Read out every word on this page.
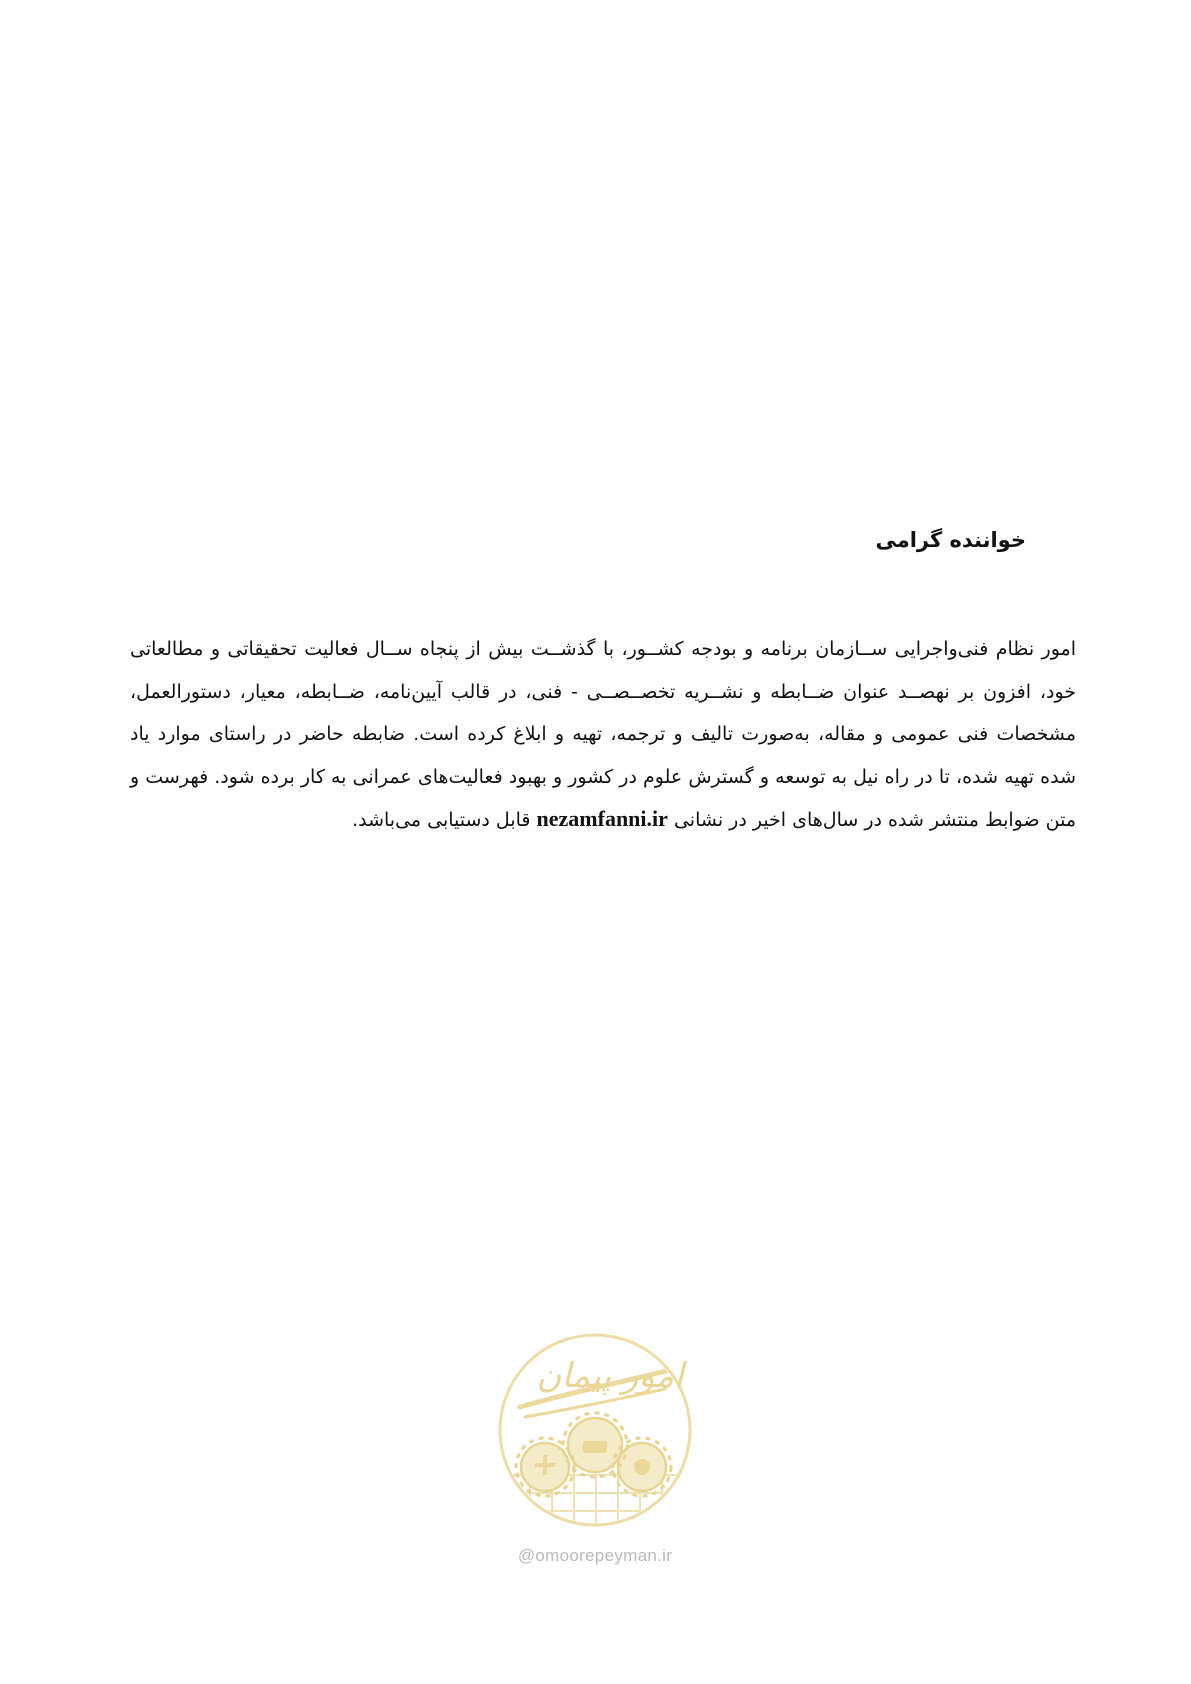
خواننده گرامی

امور نظام فنی‌واجرایی ســازمان برنامه و بودجه کشــور، با گذشــت بیش از پنجاه ســال فعالیت تحقیقاتی و مطالعاتی خود، افزون بر نهصــد عنوان ضــابطه و نشــریه تخصــصــی - فنی، در قالب آیین‌نامه، ضــابطه، معیار، دستورالعمل، مشخصات فنی عمومی و مقاله، به‌صورت تالیف و ترجمه، تهیه و ابلاغ کرده است. ضابطه حاضر در راستای موارد یاد شده تهیه شده، تا در راه نیل به توسعه و گسترش علوم در کشور و بهبود فعالیت‌های عمرانی به کار برده شود. فهرست و متن ضوابط منتشر شده در سال‌های اخیر در نشانی nezamfanni.ir قابل دستیابی می‌باشد.

امور پیمان
@omoorepeyman.ir
